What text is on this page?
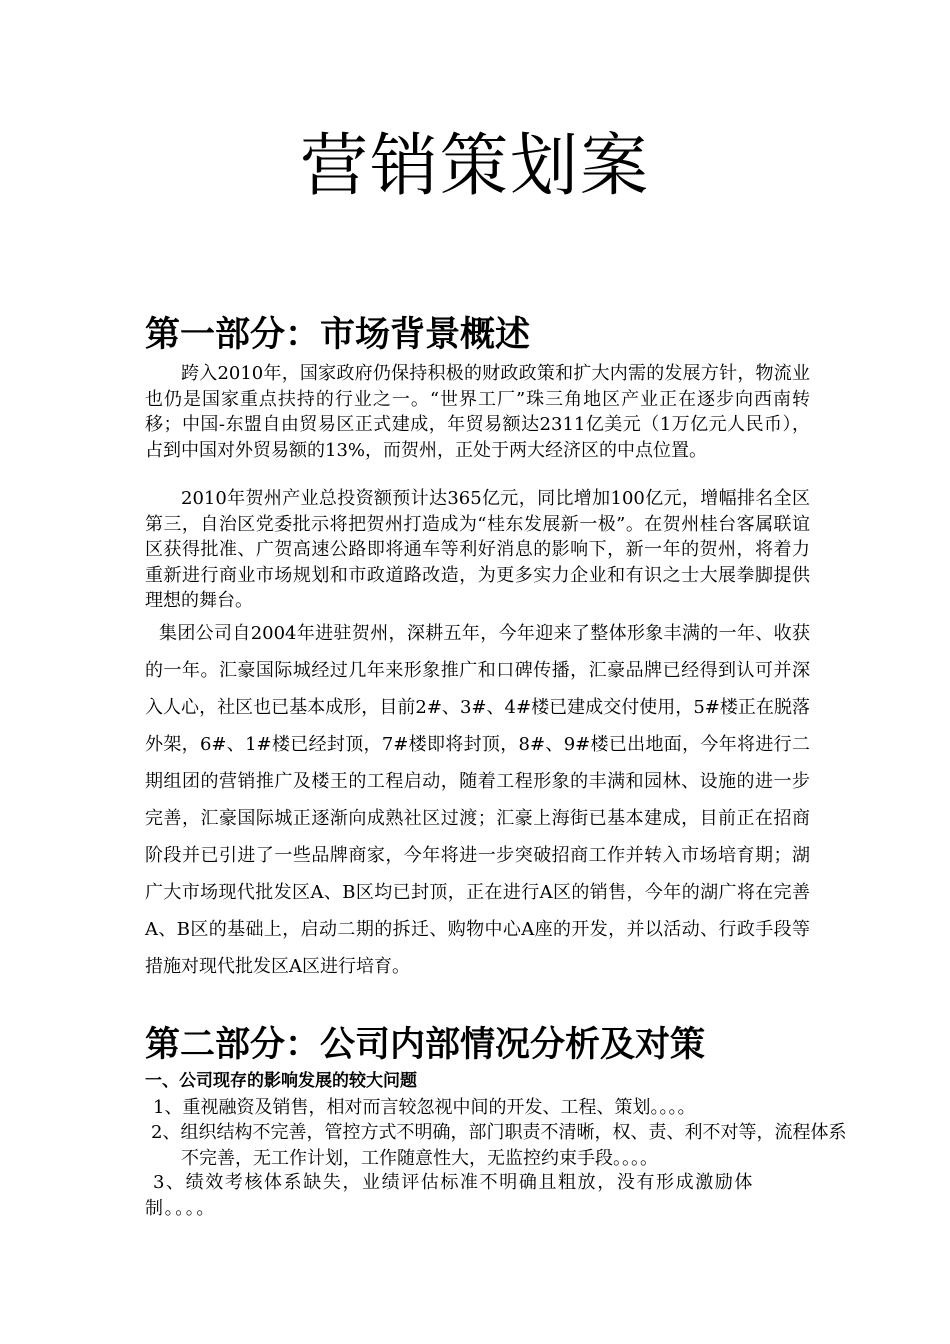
营销策划案
第一部分：市场背景概述

跨入2010年，国家政府仍保持积极的财政政策和扩大内需的发展方针，物流业也仍是国家重点扶持的行业之一。“世界工厂”珠三角地区产业正在逐步向西南转移；中国-东盟自由贸易区正式建成，年贸易额达2311亿美元（1万亿元人民币），占到中国对外贸易额的13%，而贺州，正处于两大经济区的中点位置。

2010年贺州产业总投资额预计达365亿元，同比增加100亿元，增幅排名全区第三，自治区党委批示将把贺州打造成为“桂东发展新一极”。在贺州桂台客属联谊区获得批准、广贺高速公路即将通车等利好消息的影响下，新一年的贺州，将着力重新进行商业市场规划和市政道路改造，为更多实力企业和有识之士大展拳脚提供理想的舞台。

集团公司自2004年进驻贺州，深耕五年，今年迎来了整体形象丰满的一年、收获的一年。汇豪国际城经过几年来形象推广和口碑传播，汇豪品牌已经得到认可并深入人心，社区也已基本成形，目前2#、3#、4#楼已建成交付使用，5#楼正在脱落外架，6#、1#楼已经封顶，7#楼即将封顶，8#、9#楼已出地面，今年将进行二期组团的营销推广及楼王的工程启动，随着工程形象的丰满和园林、设施的进一步完善，汇豪国际城正逐渐向成熟社区过渡；汇豪上海街已基本建成，目前正在招商阶段并已引进了一些品牌商家，今年将进一步突破招商工作并转入市场培育期；湖广大市场现代批发区A、B区均已封顶，正在进行A区的销售，今年的湖广将在完善A、B区的基础上，启动二期的拆迁、购物中心A座的开发，并以活动、行政手段等措施对现代批发区A区进行培育。

第二部分：公司内部情况分析及对策
一、公司现存的影响发展的较大问题

1、重视融资及销售，相对而言较忽视中间的开发、工程、策划。。。。

2、组织结构不完善，管控方式不明确，部门职责不清晰，权、责、利不对等，流程体系不完善，无工作计划，工作随意性大，无监控约束手段。。。。

3、绩效考核体系缺失，业绩评估标准不明确且粗放，没有形成激励体制。。。。
